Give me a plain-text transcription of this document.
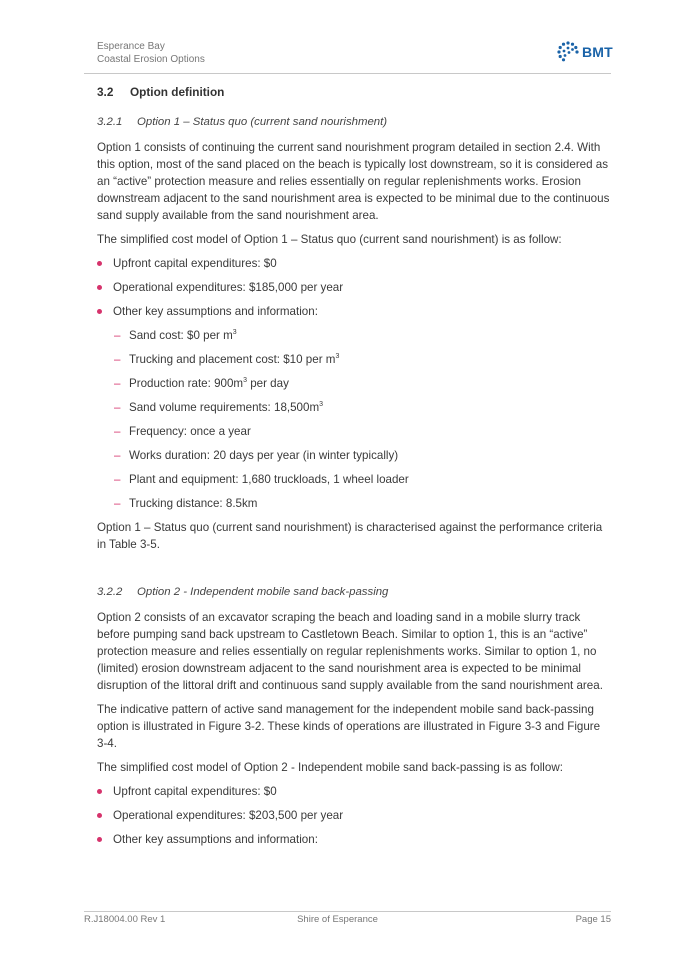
Esperance Bay
Coastal Erosion Options	BMT
3.2 Option definition
3.2.1 Option 1 – Status quo (current sand nourishment)

Option 1 consists of continuing the current sand nourishment program detailed in section 2.4. With this option, most of the sand placed on the beach is typically lost downstream, so it is considered as an “active” protection measure and relies essentially on regular replenishments works. Erosion downstream adjacent to the sand nourishment area is expected to be minimal due to the continuous sand supply available from the sand nourishment area.

The simplified cost model of Option 1 – Status quo (current sand nourishment) is as follow:

Upfront capital expenditures: $0
Operational expenditures: $185,000 per year
Other key assumptions and information:
– Sand cost: $0 per $m^3$
– Trucking and placement cost: $10 per $m^3$
– Production rate: $900m^3$ per day
– Sand volume requirements: $18,500m^3$
– Frequency: once a year
– Works duration: 20 days per year (in winter typically)
– Plant and equipment: 1,680 truckloads, 1 wheel loader
– Trucking distance: 8.5km

Option 1 – Status quo (current sand nourishment) is characterised against the performance criteria in Table 3-5.

3.2.2 Option 2 - Independent mobile sand back-passing

Option 2 consists of an excavator scraping the beach and loading sand in a mobile slurry track before pumping sand back upstream to Castletown Beach. Similar to option 1, this is an “active” protection measure and relies essentially on regular replenishments works. Similar to option 1, no (limited) erosion downstream adjacent to the sand nourishment area is expected to be minimal disruption of the littoral drift and continuous sand supply available from the sand nourishment area.

The indicative pattern of active sand management for the independent mobile sand back-passing option is illustrated in Figure 3-2. These kinds of operations are illustrated in Figure 3-3 and Figure 3-4.

The simplified cost model of Option 2 - Independent mobile sand back-passing is as follow:

Upfront capital expenditures: $0
Operational expenditures: $203,500 per year
Other key assumptions and information:
R.J18004.00 Rev 1	Shire of Esperance	Page 15
